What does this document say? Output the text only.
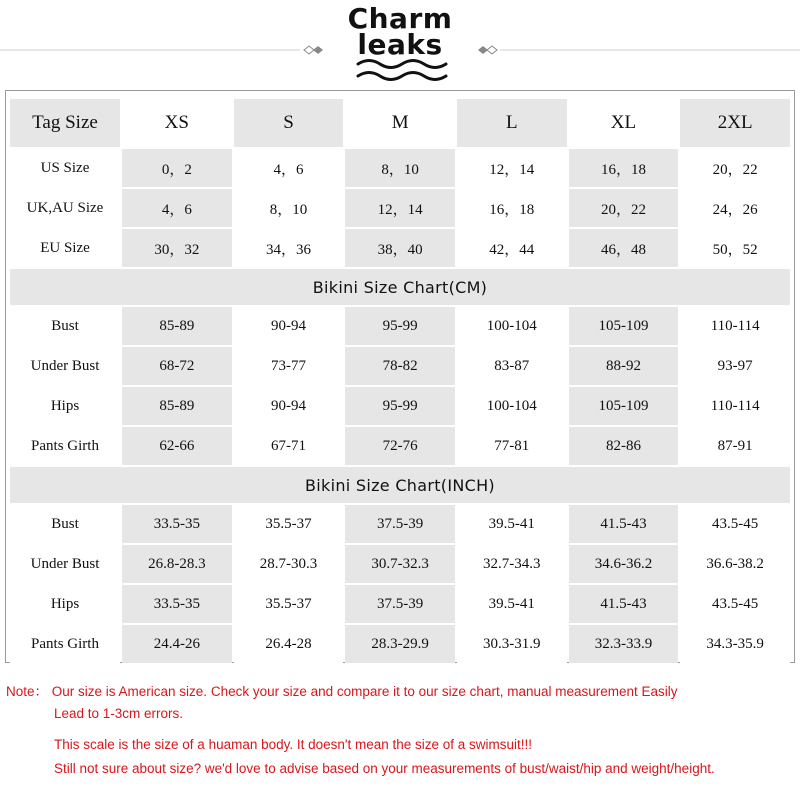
Charm
leaks
Tag Size	XS	S	M	L	XL	2XL
US Size	0，2	4，6	8，10	12，14	16，18	20，22
UK,AU Size	4，6	8，10	12，14	16，18	20，22	24，26
EU Size	30，32	34，36	38，40	42，44	46，48	50，52
Bikini Size Chart(CM)						
Bust	85-89	90-94	95-99	100-104	105-109	110-114
Under Bust	68-72	73-77	78-82	83-87	88-92	93-97
Hips	85-89	90-94	95-99	100-104	105-109	110-114
Pants Girth	62-66	67-71	72-76	77-81	82-86	87-91
Bikini Size Chart(INCH)						
Bust	33.5-35	35.5-37	37.5-39	39.5-41	41.5-43	43.5-45
Under Bust	26.8-28.3	28.7-30.3	30.7-32.3	32.7-34.3	34.6-36.2	36.6-38.2
Hips	33.5-35	35.5-37	37.5-39	39.5-41	41.5-43	43.5-45
Pants Girth	24.4-26	26.4-28	28.3-29.9	30.3-31.9	32.3-33.9	34.3-35.9
Note： Our size is American size. Check your size and compare it to our size chart, manual measurement Easily
Lead to 1-3cm errors.
This scale is the size of a huaman body. It doesn't mean the size of a swimsuit!!!
Still not sure about size? we'd love to advise based on your measurements of bust/waist/hip and weight/height.
